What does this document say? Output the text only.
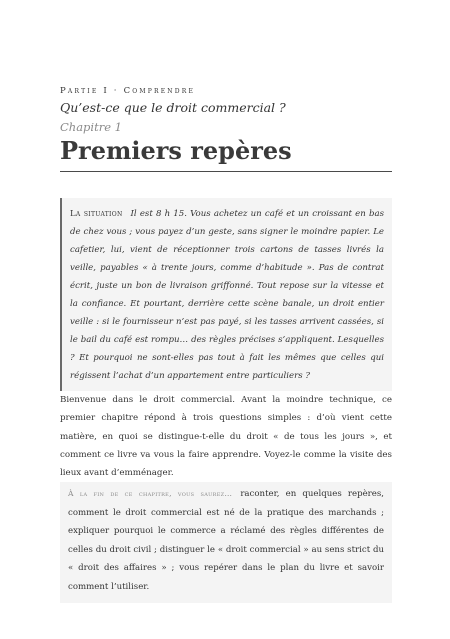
Partie I · Comprendre
Qu’est-ce que le droit commercial ?
Chapitre 1
Premiers repères
La situation Il est 8 h 15. Vous achetez un café et un croissant en bas de chez vous ; vous payez d’un geste, sans signer le moindre papier. Le cafetier, lui, vient de réceptionner trois cartons de tasses livrés la veille, payables « à trente jours, comme d’habitude ». Pas de contrat écrit, juste un bon de livraison griffonné. Tout repose sur la vitesse et la confiance. Et pourtant, derrière cette scène banale, un droit entier veille : si le fournisseur n’est pas payé, si les tasses arrivent cassées, si le bail du café est rompu… des règles précises s’appliquent. Lesquelles ? Et pourquoi ne sont-elles pas tout à fait les mêmes que celles qui régissent l’achat d’un appartement entre particuliers ?
Bienvenue dans le droit commercial. Avant la moindre technique, ce premier chapitre répond à trois questions simples : d’où vient cette matière, en quoi se distingue-t-elle du droit « de tous les jours », et comment ce livre va vous la faire apprendre. Voyez-le comme la visite des lieux avant d’emménager.
À la fin de ce chapitre, vous saurez… raconter, en quelques repères, comment le droit commercial est né de la pratique des marchands ; expliquer pourquoi le commerce a réclamé des règles différentes de celles du droit civil ; distinguer le « droit commercial » au sens strict du « droit des affaires » ; vous repérer dans le plan du livre et savoir comment l’utiliser.
